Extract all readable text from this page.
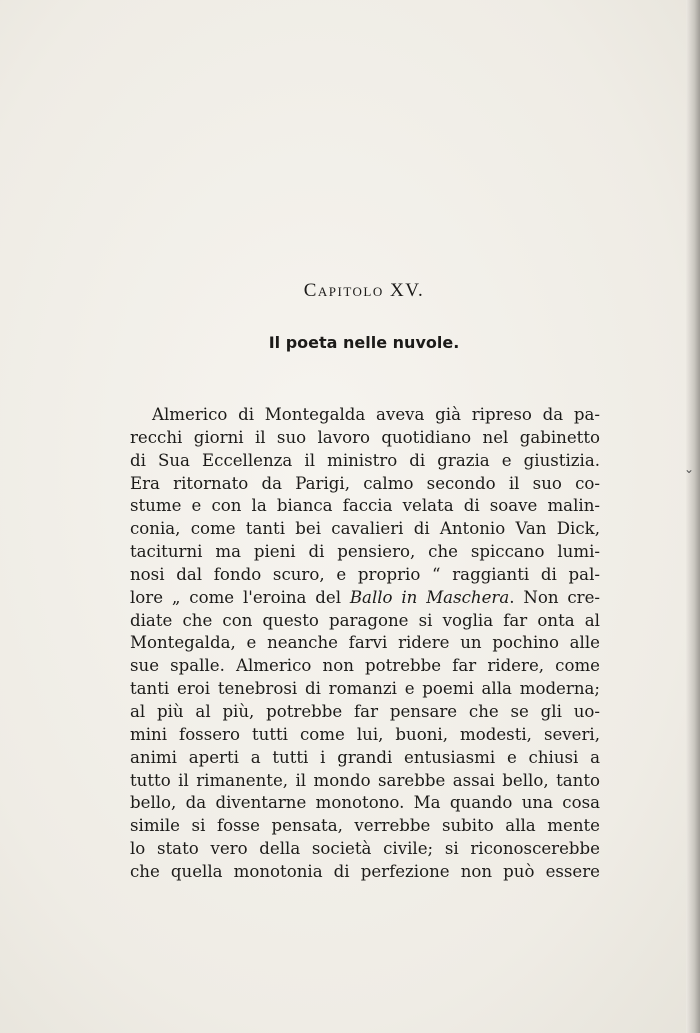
Capitolo XV.
Il poeta nelle nuvole.
Almerico di Montegalda aveva già ripreso da pa-
recchi giorni il suo lavoro quotidiano nel gabinetto
di Sua Eccellenza il ministro di grazia e giustizia.
Era ritornato da Parigi, calmo secondo il suo co-
stume e con la bianca faccia velata di soave malin-
conia, come tanti bei cavalieri di Antonio Van Dick,
taciturni ma pieni di pensiero, che spiccano lumi-
nosi dal fondo scuro, e proprio “ raggianti di pal-
lore „ come l'eroina del Ballo in Maschera. Non cre-
diate che con questo paragone si voglia far onta al
Montegalda, e neanche farvi ridere un pochino alle
sue spalle. Almerico non potrebbe far ridere, come
tanti eroi tenebrosi di romanzi e poemi alla moderna;
al più al più, potrebbe far pensare che se gli uo-
mini fossero tutti come lui, buoni, modesti, severi,
animi aperti a tutti i grandi entusiasmi e chiusi a
tutto il rimanente, il mondo sarebbe assai bello, tanto
bello, da diventarne monotono. Ma quando una cosa
simile si fosse pensata, verrebbe subito alla mente
lo stato vero della società civile; si riconoscerebbe
che quella monotonia di perfezione non può essere
⌄
